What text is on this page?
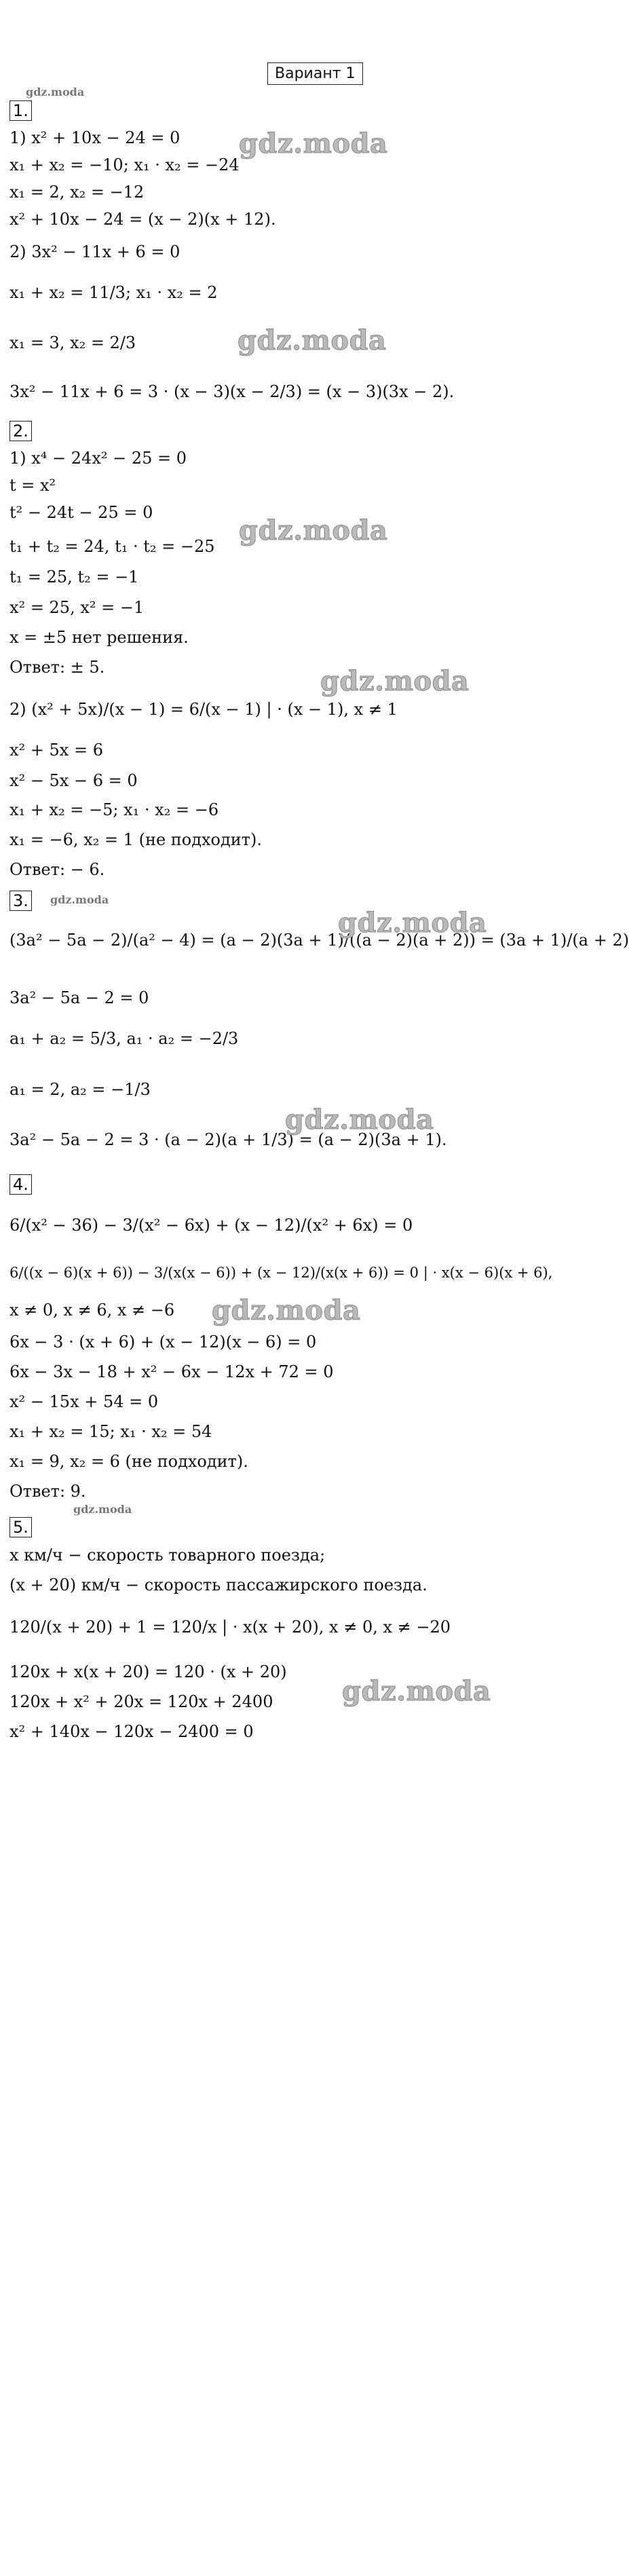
Вариант 1
1.
1) x² + 10x − 24 = 0
x₁ + x₂ = −10; x₁ · x₂ = −24
x₁ = 2, x₂ = −12
x² + 10x − 24 = (x − 2)(x + 12).
2) 3x² − 11x + 6 = 0
x₁ + x₂ = 11/3; x₁ · x₂ = 2
x₁ = 3, x₂ = 2/3
3x² − 11x + 6 = 3 · (x − 3)(x − 2/3) = (x − 3)(3x − 2).
2.
1) x⁴ − 24x² − 25 = 0
t = x²
t² − 24t − 25 = 0
t₁ + t₂ = 24, t₁ · t₂ = −25
t₁ = 25, t₂ = −1
x² = 25, x² = −1
x = ±5 нет решения.
Ответ: ± 5.
2) (x² + 5x)/(x − 1) = 6/(x − 1) | · (x − 1), x ≠ 1
x² + 5x = 6
x² − 5x − 6 = 0
x₁ + x₂ = −5; x₁ · x₂ = −6
x₁ = −6, x₂ = 1 (не подходит).
Ответ: − 6.
3.
(3a² − 5a − 2)/(a² − 4) = (a − 2)(3a + 1)/((a − 2)(a + 2)) = (3a + 1)/(a + 2)
3a² − 5a − 2 = 0
a₁ + a₂ = 5/3, a₁ · a₂ = −2/3
a₁ = 2, a₂ = −1/3
3a² − 5a − 2 = 3 · (a − 2)(a + 1/3) = (a − 2)(3a + 1).
4.
6/(x² − 36) − 3/(x² − 6x) + (x − 12)/(x² + 6x) = 0
6/((x − 6)(x + 6)) − 3/(x(x − 6)) + (x − 12)/(x(x + 6)) = 0 | · x(x − 6)(x + 6),
x ≠ 0, x ≠ 6, x ≠ −6
6x − 3 · (x + 6) + (x − 12)(x − 6) = 0
6x − 3x − 18 + x² − 6x − 12x + 72 = 0
x² − 15x + 54 = 0
x₁ + x₂ = 15; x₁ · x₂ = 54
x₁ = 9, x₂ = 6 (не подходит).
Ответ: 9.
5.
x км/ч − скорость товарного поезда;
(x + 20) км/ч − скорость пассажирского поезда.
120/(x + 20) + 1 = 120/x | · x(x + 20), x ≠ 0, x ≠ −20
120x + x(x + 20) = 120 · (x + 20)
120x + x² + 20x = 120x + 2400
x² + 140x − 120x − 2400 = 0
gdz.moda
gdz.moda
gdz.moda
gdz.moda
gdz.moda
gdz.moda
gdz.moda
gdz.moda
gdz.moda
gdz.moda
gdz.moda
